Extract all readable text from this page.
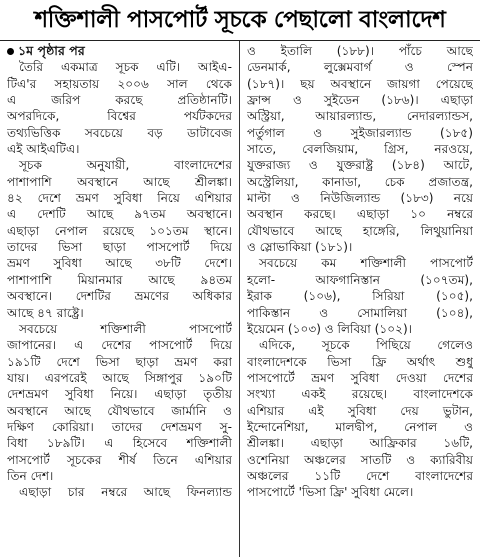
শক্তিশালী পাসপোর্ট সূচকে পেছালো বাংলাদেশ
১ম পৃষ্ঠার পর
তৈরি একমাত্র সূচক এটি। আইএ-
টিএ'র সহায়তায় ২০০৬ সাল থেকে
এ জরিপ করছে প্রতিষ্ঠানটি।
অপরদিকে, বিশ্বের পর্যটকদের
তথ্যভিত্তিক সবচেয়ে বড় ডাটাবেজ
এই আইএটিএ।
সূচক অনুযায়ী, বাংলাদেশের
পাশাপাশি অবস্থানে আছে শ্রীলঙ্কা।
৪২ দেশে ভ্রমণ সুবিধা নিয়ে এশিয়ার
এ দেশটি আছে ৯৭তম অবস্থানে।
এছাড়া নেপাল রয়েছে ১০১তম স্থানে।
তাদের ভিসা ছাড়া পাসপোর্ট দিয়ে
ভ্রমণ সুবিধা আছে ৩৮টি দেশে।
পাশাপাশি মিয়ানমার আছে ৯৪তম
অবস্থানে। দেশটির ভ্রমণের অধিকার
আছে ৪৭ রাষ্ট্রে।
সবচেয়ে শক্তিশালী পাসপোর্ট
জাপানের। এ দেশের পাসপোর্ট দিয়ে
১৯১টি দেশে ভিসা ছাড়া ভ্রমণ করা
যায়। এরপরেই আছে সিঙ্গাপুর ১৯০টি
দেশভ্রমণ সুবিধা নিয়ে। এছাড়া তৃতীয়
অবস্থানে আছে যৌথভাবে জার্মানি ও
দক্ষিণ কোরিয়া। তাদের দেশভ্রমণ সু-
বিধা ১৮৯টি। এ হিসেবে শক্তিশালী
পাসপোর্ট সূচকের শীর্ষ তিনে এশিয়ার
তিন দেশ।
এছাড়া চার নম্বরে আছে ফিনল্যান্ড
ও ইতালি (১৮৮)। পাঁচে আছে
ডেনমার্ক, লুক্সেমবার্গ ও স্পেন
(১৮৭)। ছয় অবস্থানে জায়গা পেয়েছে
ফ্রান্স ও সুইডেন (১৮৬)। এছাড়া
অস্ট্রিয়া, আয়ারল্যান্ড, নেদারল্যান্ডস,
পর্তুগাল ও সুইজারল্যান্ড (১৮৫)
সাতে, বেলজিয়াম, গ্রিস, নরওয়ে,
যুক্তরাজ্য ও যুক্তরাষ্ট্র (১৮৪) আটে,
অস্ট্রেলিয়া, কানাডা, চেক প্রজাতন্ত্র,
মাল্টা ও নিউজিল্যান্ড (১৮৩) নয়ে
অবস্থান করছে। এছাড়া ১০ নম্বরে
যৌথভাবে আছে হাঙ্গেরি, লিথুয়ানিয়া
ও স্লোভাকিয়া (১৮১)।
সবচেয়ে কম শক্তিশালী পাসপোর্ট
হলো- আফগানিস্তান (১০৭তম),
ইরাক (১০৬), সিরিয়া (১০৫),
পাকিস্তান ও সোমালিয়া (১০৪),
ইয়েমেন (১০৩) ও লিবিয়া (১০২)।
এদিকে, সূচকে পিছিয়ে গেলেও
বাংলাদেশকে ভিসা ফ্রি অর্থাৎ শুধু
পাসপোর্টে ভ্রমণ সুবিধা দেওয়া দেশের
সংখ্যা একই রয়েছে। বাংলাদেশকে
এশিয়ার এই সুবিধা দেয় ভুটান,
ইন্দোনেশিয়া, মালদ্বীপ, নেপাল ও
শ্রীলঙ্কা। এছাড়া আফ্রিকার ১৬টি,
ওশেনিয়া অঞ্চলের সাতটি ও ক্যারিবীয়
অঞ্চলের ১১টি দেশে বাংলাদেশের
পাসপোর্টে 'ভিসা ফ্রি' সুবিধা মেলে।
